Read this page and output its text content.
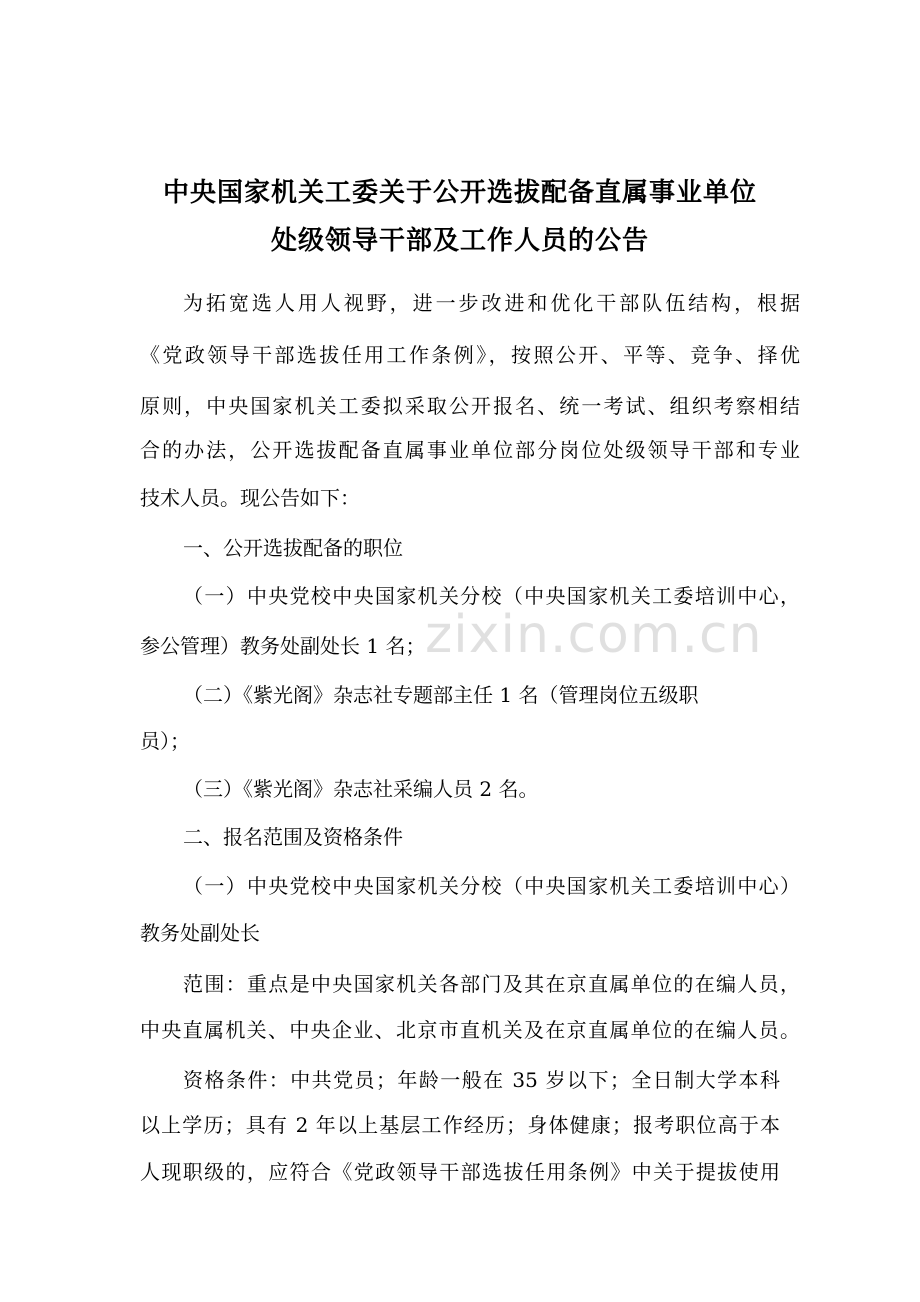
中央国家机关工委关于公开选拔配备直属事业单位
处级领导干部及工作人员的公告
为拓宽选人用人视野，进一步改进和优化干部队伍结构，根据
《党政领导干部选拔任用工作条例》，按照公开、平等、竞争、择优
原则，中央国家机关工委拟采取公开报名、统一考试、组织考察相结
合的办法，公开选拔配备直属事业单位部分岗位处级领导干部和专业
技术人员。现公告如下：
一、公开选拔配备的职位
（一）中央党校中央国家机关分校（中央国家机关工委培训中心，
参公管理）教务处副处长 1 名；
（二）《紫光阁》杂志社专题部主任 1 名（管理岗位五级职
员）；
（三）《紫光阁》杂志社采编人员 2 名。
二、报名范围及资格条件
（一）中央党校中央国家机关分校（中央国家机关工委培训中心）
教务处副处长
范围：重点是中央国家机关各部门及其在京直属单位的在编人员，
中央直属机关、中央企业、北京市直机关及在京直属单位的在编人员。
资格条件：中共党员；年龄一般在 35 岁以下；全日制大学本科
以上学历；具有 2 年以上基层工作经历；身体健康；报考职位高于本
人现职级的，应符合《党政领导干部选拔任用条例》中关于提拔使用
zixin.com.cn
